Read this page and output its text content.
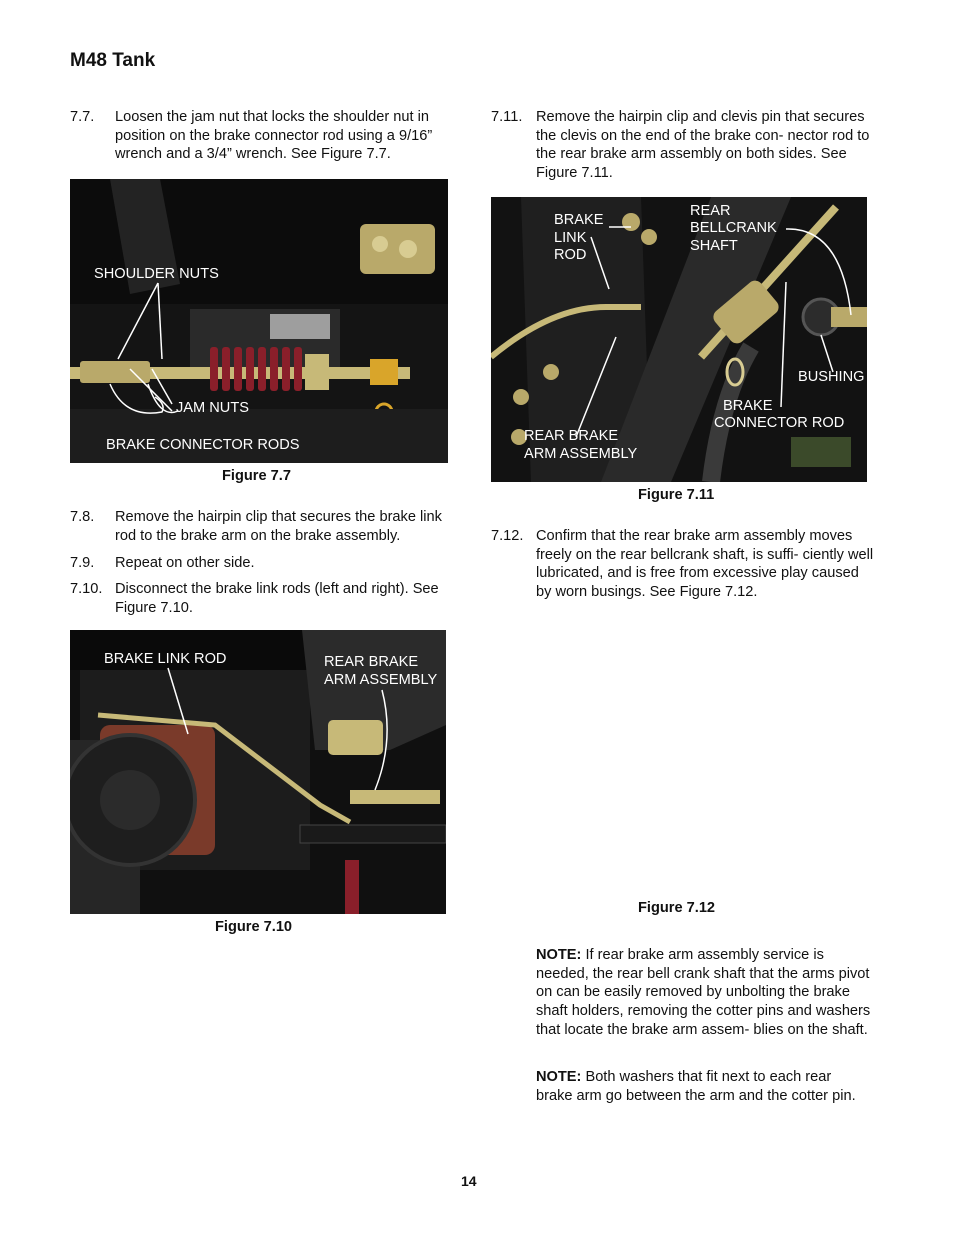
M48 Tank
7.7. Loosen the jam nut that locks the shoulder nut in position on the brake connector rod using a 9/16” wrench and a 3/4” wrench. See Figure 7.7.
SHOULDER NUTS
JAM NUTS
BRAKE CONNECTOR RODS
Figure 7.7
7.8. Remove the hairpin clip that secures the brake link rod to the brake arm on the brake assembly.
7.9. Repeat on other side.
7.10. Disconnect the brake link rods (left and right). See Figure 7.10.
BRAKE LINK ROD	REAR BRAKE
ARM ASSEMBLY
Figure 7.10
7.11. Remove the hairpin clip and clevis pin that secures the clevis on the end of the brake con- nector rod to the rear brake arm assembly on both sides. See Figure 7.11.
BRAKE
LINK
ROD
REAR
BELLCRANK
SHAFT
BUSHING
BRAKE
CONNECTOR ROD
REAR BRAKE
ARM ASSEMBLY
Figure 7.11
7.12. Confirm that the rear brake arm assembly moves freely on the rear bellcrank shaft, is suffi- ciently well lubricated, and is free from excessive play caused by worn busings. See Figure 7.12.
Figure 7.12
NOTE: If rear brake arm assembly service is needed, the rear bell crank shaft that the arms pivot on can be easily removed by unbolting the brake shaft holders, removing the cotter pins and washers that locate the brake arm assem- blies on the shaft.
NOTE: Both washers that fit next to each rear brake arm go between the arm and the cotter pin.
14
